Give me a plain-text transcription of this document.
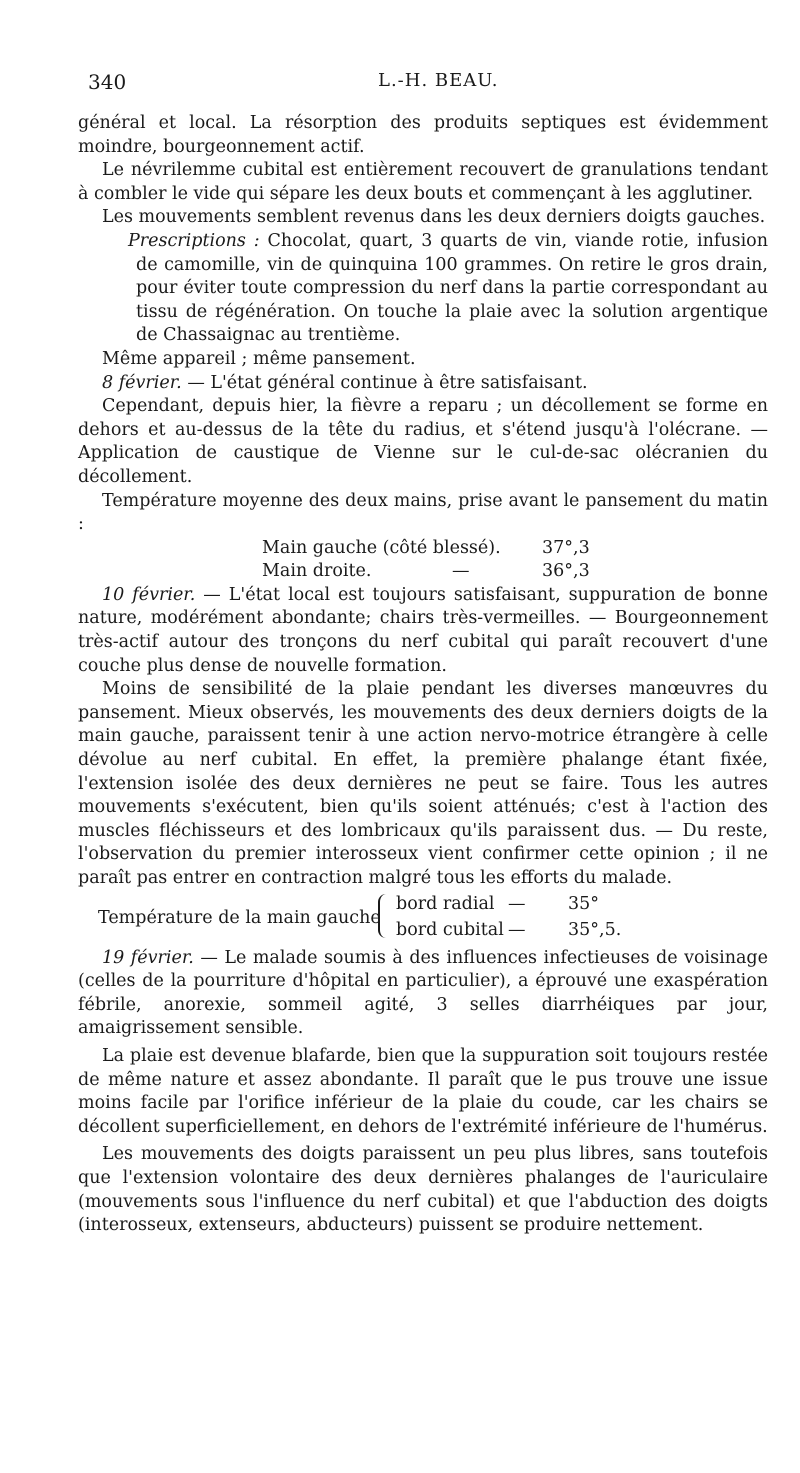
340	L.-H. BEAU.

général et local. La résorption des produits septiques est évidemment moindre, bourgeonnement actif.

Le névrilemme cubital est entièrement recouvert de granulations tendant à combler le vide qui sépare les deux bouts et commençant à les agglutiner.

Les mouvements semblent revenus dans les deux derniers doigts gauches.

Prescriptions : Chocolat, quart, 3 quarts de vin, viande rotie, infusion de camomille, vin de quinquina 100 grammes. On retire le gros drain, pour éviter toute compression du nerf dans la partie correspondant au tissu de régénération. On touche la plaie avec la solution argentique de Chassaignac au trentième.

Même appareil ; même pansement.

8 février. — L'état général continue à être satisfaisant.

Cependant, depuis hier, la fièvre a reparu ; un décollement se forme en dehors et au-dessus de la tête du radius, et s'étend jusqu'à l'olécrane. — Application de caustique de Vienne sur le cul-de-sac olécranien du décollement.

Température moyenne des deux mains, prise avant le pansement du matin :

Main gauche (côté blessé). 37°,3
Main droite.	—	36°,3

10 février. — L'état local est toujours satisfaisant, suppuration de bonne nature, modérément abondante; chairs très-vermeilles. — Bourgeonnement très-actif autour des tronçons du nerf cubital qui paraît recouvert d'une couche plus dense de nouvelle formation.

Moins de sensibilité de la plaie pendant les diverses manœuvres du pansement. Mieux observés, les mouvements des deux derniers doigts de la main gauche, paraissent tenir à une action nervo-motrice étrangère à celle dévolue au nerf cubital. En effet, la première phalange étant fixée, l'extension isolée des deux dernières ne peut se faire. Tous les autres mouvements s'exécutent, bien qu'ils soient atténués; c'est à l'action des muscles fléchisseurs et des lombricaux qu'ils paraissent dus. — Du reste, l'observation du premier interosseux vient confirmer cette opinion ; il ne paraît pas entrer en contraction malgré tous les efforts du malade.

Température de la main gauche
bord radial — 35°
bord cubital — 35°,5.

19 février. — Le malade soumis à des influences infectieuses de voisinage (celles de la pourriture d'hôpital en particulier), a éprouvé une exaspération fébrile, anorexie, sommeil agité, 3 selles diarrhéiques par jour, amaigrissement sensible.

La plaie est devenue blafarde, bien que la suppuration soit toujours restée de même nature et assez abondante. Il paraît que le pus trouve une issue moins facile par l'orifice inférieur de la plaie du coude, car les chairs se décollent superficiellement, en dehors de l'extrémité inférieure de l'humérus.

Les mouvements des doigts paraissent un peu plus libres, sans toutefois que l'extension volontaire des deux dernières phalanges de l'auriculaire (mouvements sous l'influence du nerf cubital) et que l'abduction des doigts (interosseux, extenseurs, abducteurs) puissent se produire nettement.
